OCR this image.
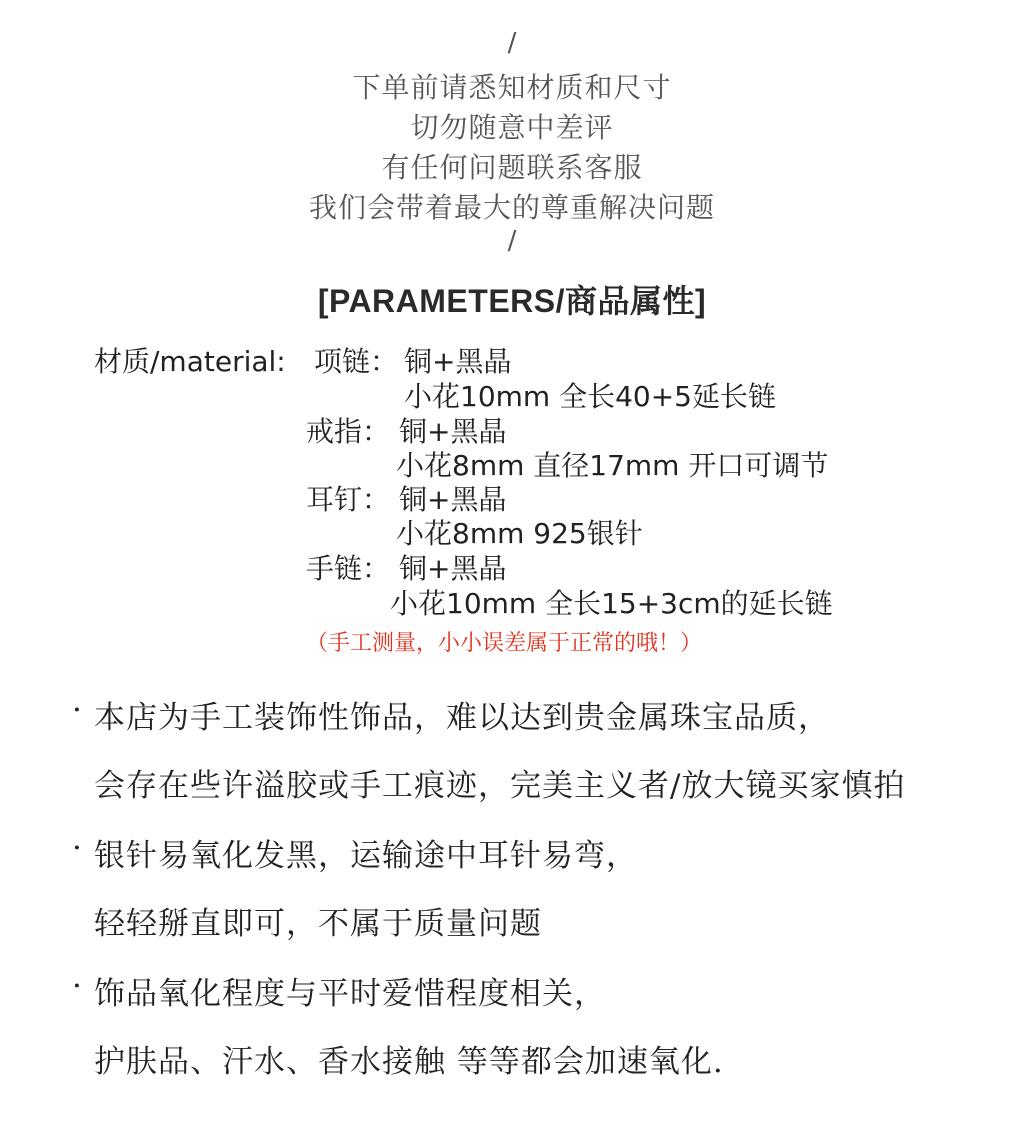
/
下单前请悉知材质和尺寸
切勿随意中差评
有任何问题联系客服
我们会带着最大的尊重解决问题
/
[PARAMETERS/商品属性]
材质/material: 项链： 铜+黑晶
小花10mm 全长40+5延长链
戒指： 铜+黑晶
小花8mm 直径17mm 开口可调节
耳钉： 铜+黑晶
小花8mm 925银针
手链： 铜+黑晶
小花10mm 全长15+3cm的延长链
（手工测量，小小误差属于正常的哦！）
· 本店为手工装饰性饰品，难以达到贵金属珠宝品质，
会存在些许溢胶或手工痕迹，完美主义者/放大镜买家慎拍
· 银针易氧化发黑，运输途中耳针易弯，
轻轻掰直即可，不属于质量问题
· 饰品氧化程度与平时爱惜程度相关，
护肤品、汗水、香水接触 等等都会加速氧化.
